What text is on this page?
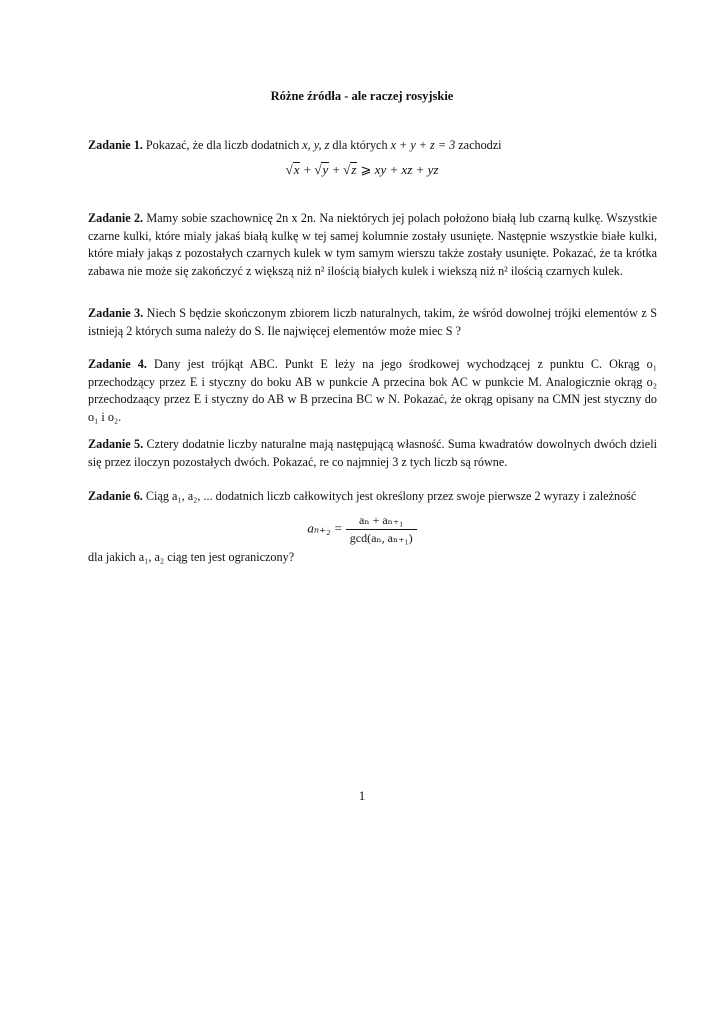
Różne źródła - ale raczej rosyjskie
Zadanie 1. Pokazać, że dla liczb dodatnich x, y, z dla których x + y + z = 3 zachodzi
√x + √y + √z ⩾ xy + xz + yz
Zadanie 2. Mamy sobie szachownicę 2n x 2n. Na niektórych jej polach położono białą lub czarną kulkę. Wszystkie czarne kulki, które mialy jakaś białą kulkę w tej samej kolumnie zostały usunięte. Następnie wszystkie białe kulki, które miały jakąs z pozostałych czarnych kulek w tym samym wierszu także zostały usunięte. Pokazać, że ta krótka zabawa nie może się zakończyć z większą niż n² ilością białych kulek i wiekszą niż n² ilością czarnych kulek.
Zadanie 3. Niech S będzie skończonym zbiorem liczb naturalnych, takim, że wśród dowolnej trójki elementów z S istnieją 2 których suma należy do S. Ile najwięcej elementów może miec S ?
Zadanie 4. Dany jest trójkąt ABC. Punkt E leży na jego środkowej wychodzącej z punktu C. Okrąg o₁ przechodzący przez E i styczny do boku AB w punkcie A przecina bok AC w punkcie M. Analogicznie okrąg o₂ przechodzaący przez E i styczny do AB w B przecina BC w N. Pokazać, że okrąg opisany na CMN jest styczny do o₁ i o₂.
Zadanie 5. Cztery dodatnie liczby naturalne mają następującą własność. Suma kwadratów dowolnych dwóch dzieli się przez iloczyn pozostałych dwóch. Pokazać, re co najmniej 3 z tych liczb są równe.
Zadanie 6. Ciąg a₁, a₂, ... dodatnich liczb całkowitych jest określony przez swoje pierwsze 2 wyrazy i zależność
$a_{n+2} = \frac{\text{aₙ + aₙ₊₁}}{\text{gcd(aₙ, aₙ₊₁)}}$
dla jakich a₁, a₂ ciąg ten jest ograniczony?
1
